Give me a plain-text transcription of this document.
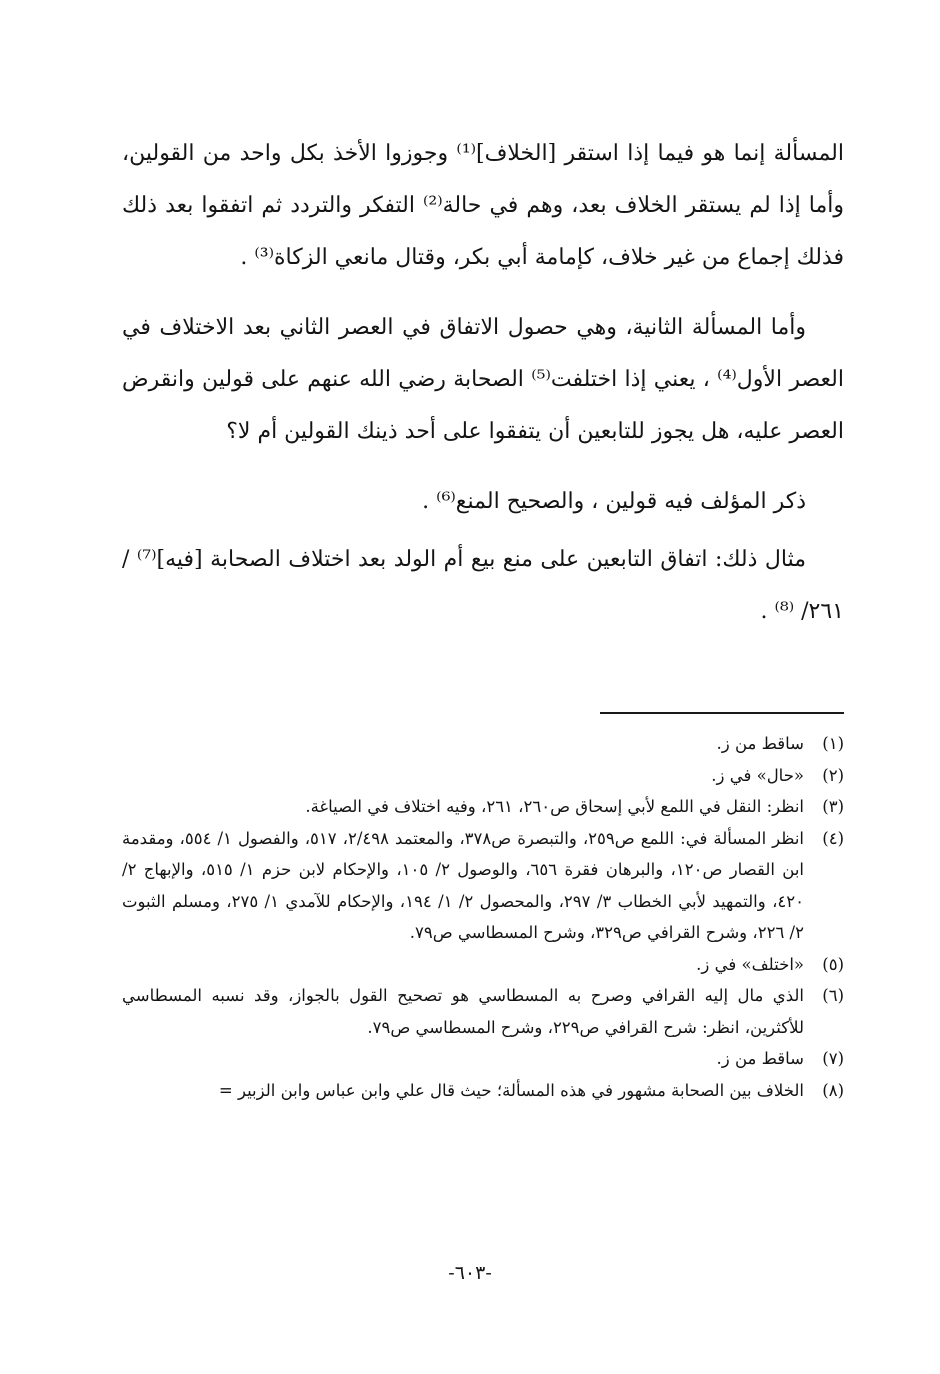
المسألة إنما هو فيما إذا استقر [الخلاف]⁽¹⁾ وجوزوا الأخذ بكل واحد من القولين، وأما إذا لم يستقر الخلاف بعد، وهم في حالة⁽²⁾ التفكر والتردد ثم اتفقوا بعد ذلك فذلك إجماع من غير خلاف، كإمامة أبي بكر، وقتال مانعي الزكاة⁽³⁾ .

وأما المسألة الثانية، وهي حصول الاتفاق في العصر الثاني بعد الاختلاف في العصر الأول⁽⁴⁾ ، يعني إذا اختلفت⁽⁵⁾ الصحابة رضي الله عنهم على قولين وانقرض العصر عليه، هل يجوز للتابعين أن يتفقوا على أحد ذينك القولين أم لا؟

ذكر المؤلف فيه قولين ، والصحيح المنع⁽⁶⁾ .

مثال ذلك: اتفاق التابعين على منع بيع أم الولد بعد اختلاف الصحابة [فيه]⁽⁷⁾ / ٢٦١/ ⁽⁸⁾ .

(١)
ساقط من ز.
(٢)
«حال» في ز.
(٣)
انظر: النقل في اللمع لأبي إسحاق ص٢٦٠، ٢٦١، وفيه اختلاف في الصياغة.
(٤)
انظر المسألة في: اللمع ص٢٥٩، والتبصرة ص٣٧٨، والمعتمد ٢/٤٩٨، ٥١٧، والفصول ١/ ٥٥٤، ومقدمة ابن القصار ص١٢٠، والبرهان فقرة ٦٥٦، والوصول ٢/ ١٠٥، والإحكام لابن حزم ١/ ٥١٥، والإبهاج ٢/ ٤٢٠، والتمهيد لأبي الخطاب ٣/ ٢٩٧، والمحصول ٢/ ١/ ١٩٤، والإحكام للآمدي ١/ ٢٧٥، ومسلم الثبوت ٢/ ٢٢٦، وشرح القرافي ص٣٢٩، وشرح المسطاسي ص٧٩.
(٥)
«اختلف» في ز.
(٦)
الذي مال إليه القرافي وصرح به المسطاسي هو تصحيح القول بالجواز، وقد نسبه المسطاسي للأكثرين، انظر: شرح القرافي ص٢٢٩، وشرح المسطاسي ص٧٩.
(٧)
ساقط من ز.
(٨)
الخلاف بين الصحابة مشهور في هذه المسألة؛ حيث قال علي وابن عباس وابن الزبير =
-٦٠٣-
